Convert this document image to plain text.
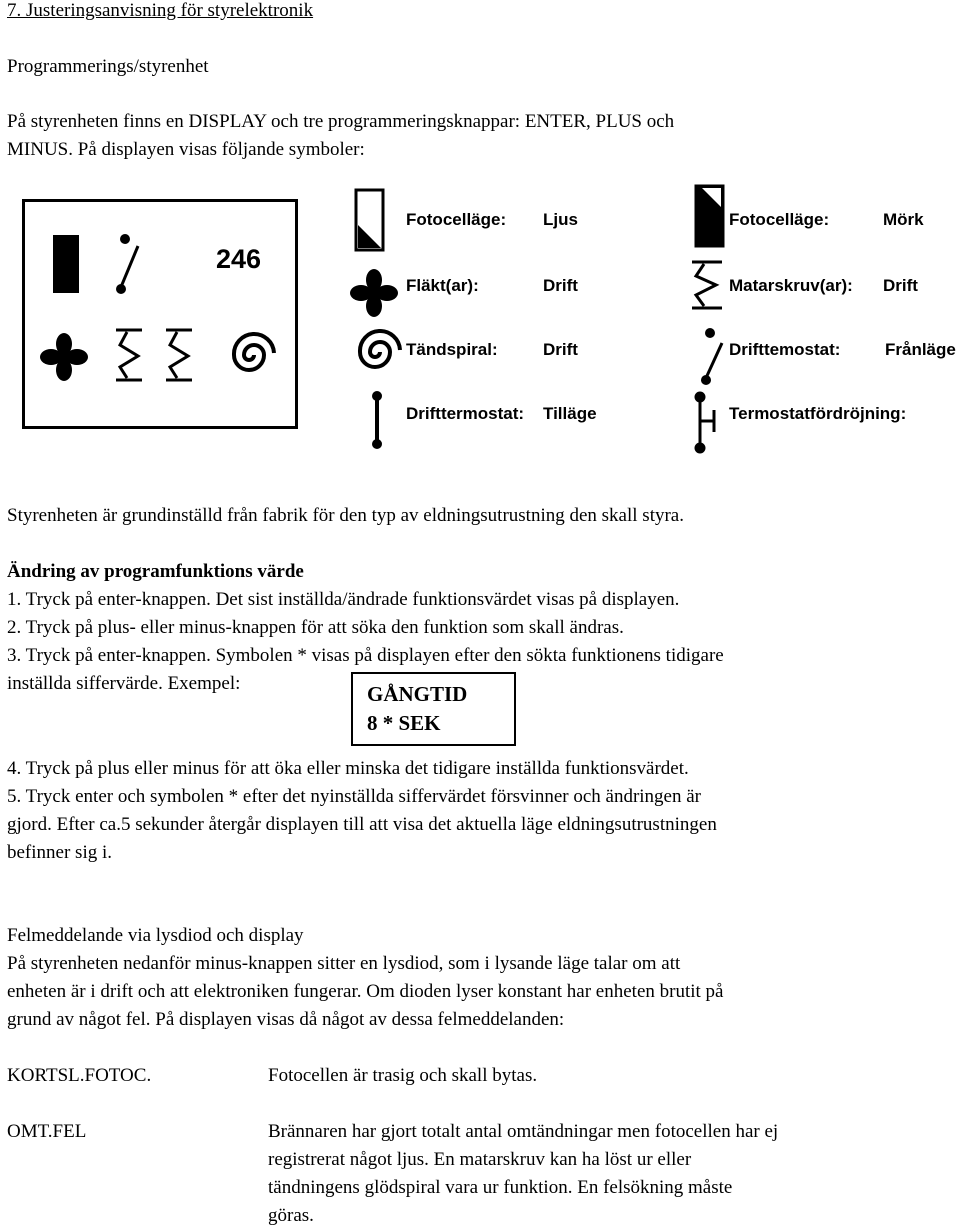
7. Justeringsanvisning för styrelektronik
Programmerings/styrenhet
På styrenheten finns en DISPLAY och tre programmeringsknappar: ENTER, PLUS och
MINUS. På displayen visas följande symboler:
246
Fotocelläge: Ljus
Fläkt(ar):	Drift
Tändspiral:	Drift
Drifttermostat: Tilläge
Fotocelläge:	Mörk
Matarskruv(ar): Drift
Drifttemostat:	Frånläge
Termostatfördröjning:
Styrenheten är grundinställd från fabrik för den typ av eldningsutrustning den skall styra.
Ändring av programfunktions värde
1. Tryck på enter-knappen. Det sist inställda/ändrade funktionsvärdet visas på displayen.
2. Tryck på plus- eller minus-knappen för att söka den funktion som skall ändras.
3. Tryck på enter-knappen. Symbolen * visas på displayen efter den sökta funktionens tidigare
inställda siffervärde. Exempel:	GÅNGTID
8 * SEK
4. Tryck på plus eller minus för att öka eller minska det tidigare inställda funktionsvärdet.
5. Tryck enter och symbolen * efter det nyinställda siffervärdet försvinner och ändringen är
gjord. Efter ca.5 sekunder återgår displayen till att visa det aktuella läge eldningsutrustningen
befinner sig i.
Felmeddelande via lysdiod och display
På styrenheten nedanför minus-knappen sitter en lysdiod, som i lysande läge talar om att
enheten är i drift och att elektroniken fungerar. Om dioden lyser konstant har enheten brutit på
grund av något fel. På displayen visas då något av dessa felmeddelanden:
KORTSL.FOTOC.	Fotocellen är trasig och skall bytas.
OMT.FEL	Brännaren har gjort totalt antal omtändningar men fotocellen har ej
registrerat något ljus. En matarskruv kan ha löst ur eller
tändningens glödspiral vara ur funktion. En felsökning måste
göras.
